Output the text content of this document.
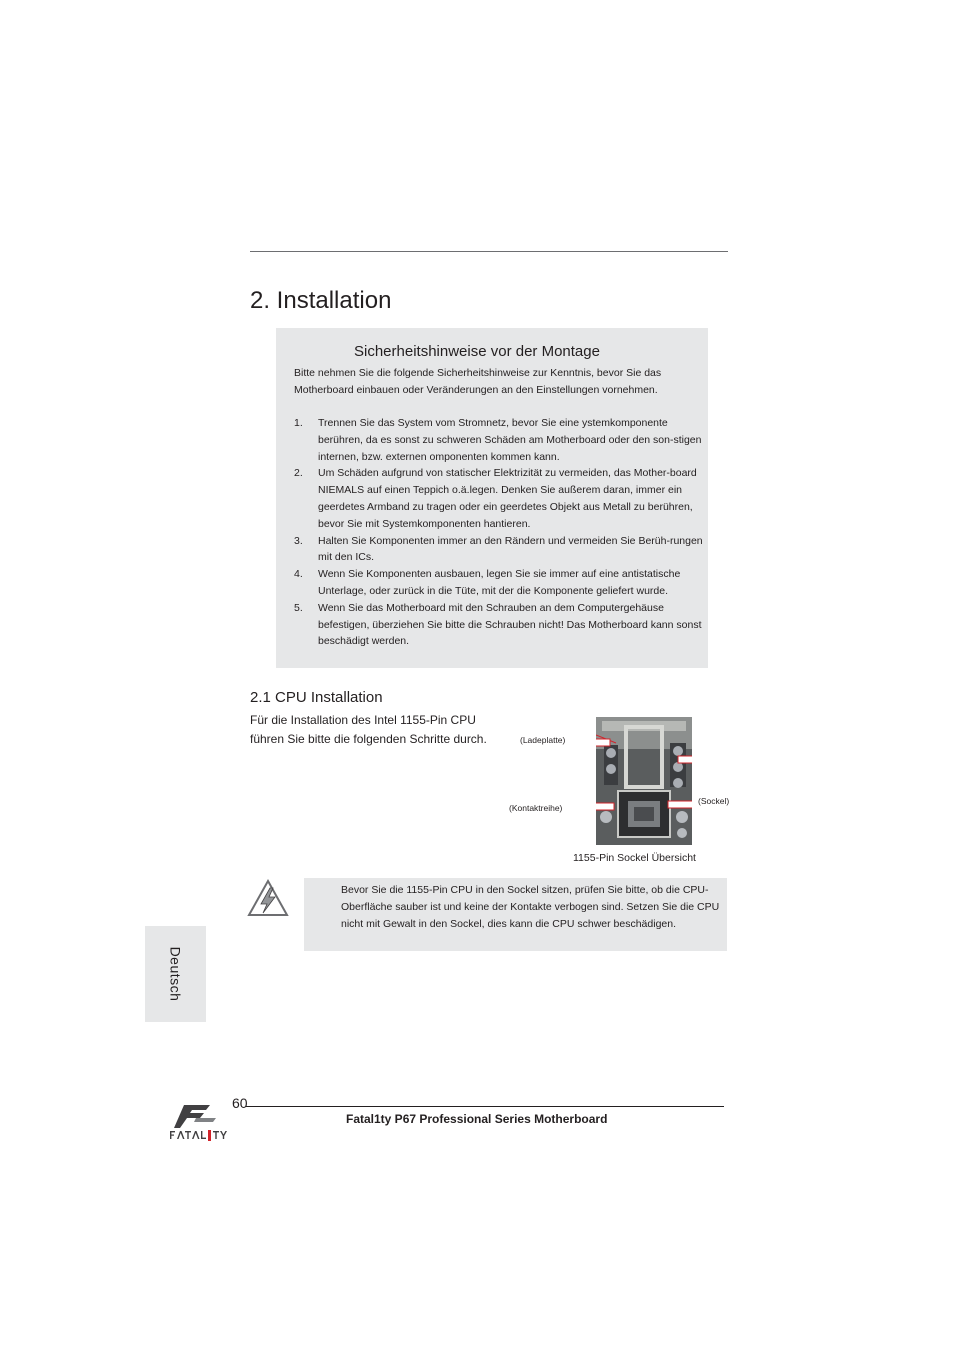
2. Installation
Sicherheitshinweise vor der Montage

Bitte nehmen Sie die folgende Sicherheitshinweise zur Kenntnis, bevor Sie das Motherboard einbauen oder Veränderungen an den Einstellungen vornehmen.

1. Trennen Sie das System vom Stromnetz, bevor Sie eine ystemkomponente berühren, da es sonst zu schweren Schäden am Motherboard oder den son-stigen internen, bzw. externen omponenten kommen kann.
2. Um Schäden aufgrund von statischer Elektrizität zu vermeiden, das Mother-board NIEMALS auf einen Teppich o.ä.legen. Denken Sie außerem daran, immer ein geerdetes Armband zu tragen oder ein geerdetes Objekt aus Metall zu berühren, bevor Sie mit Systemkomponenten hantieren.
3. Halten Sie Komponenten immer an den Rändern und vermeiden Sie Berüh-rungen mit den ICs.
4. Wenn Sie Komponenten ausbauen, legen Sie sie immer auf eine antistatische Unterlage, oder zurück in die Tüte, mit der die Komponente geliefert wurde.
5. Wenn Sie das Motherboard mit den Schrauben an dem Computergehäuse befestigen, überziehen Sie bitte die Schrauben nicht! Das Motherboard kann sonst beschädigt werden.
2.1 CPU Installation

Für die Installation des Intel 1155-Pin CPU führen Sie bitte die folgenden Schritte durch.	(Ladeplatte)
(Kontaktreihe)
(Sockel)
1155-Pin Sockel Übersicht

Bevor Sie die 1155-Pin CPU in den Sockel sitzen, prüfen Sie bitte, ob die CPU-Oberfläche sauber ist und keine der Kontakte verbogen sind. Setzen Sie die CPU nicht mit Gewalt in den Sockel, dies kann die CPU schwer beschädigen.

Deutsch
60
Fatal1ty P67 Professional Series Motherboard
